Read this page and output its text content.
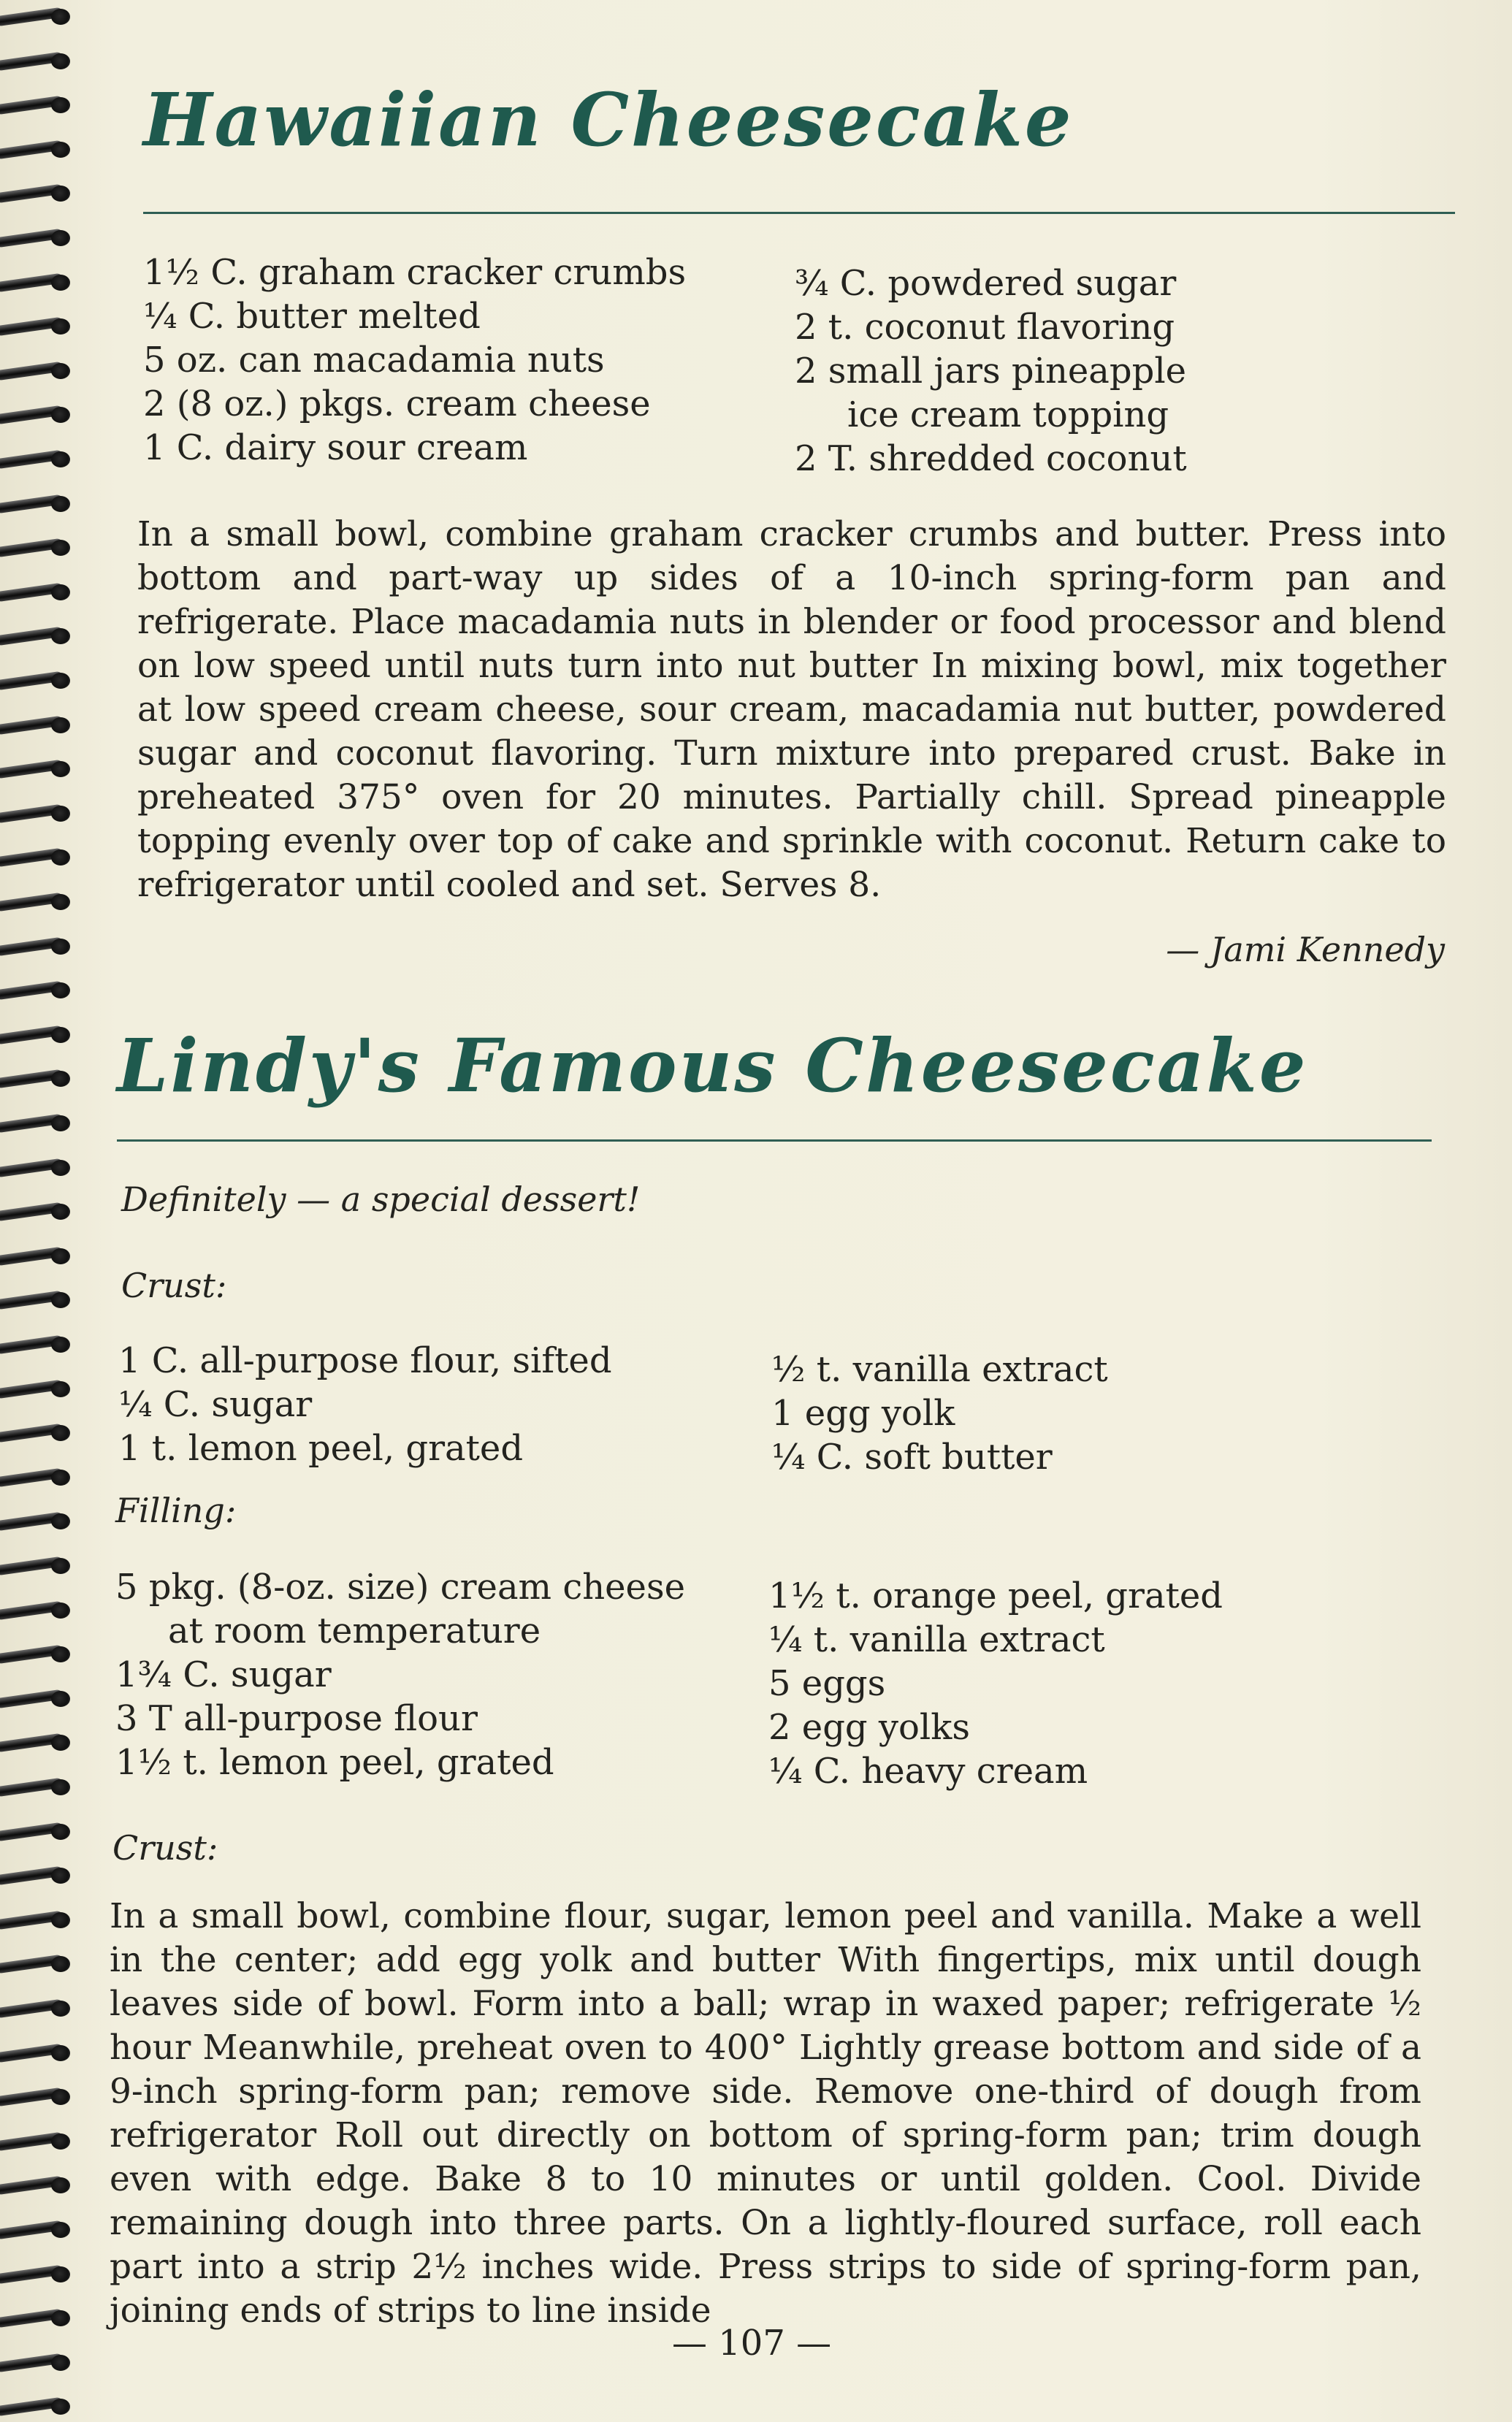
Hawaiian Cheesecake
1½ C. graham cracker crumbs
¼ C. butter melted
5 oz. can macadamia nuts
2 (8 oz.) pkgs. cream cheese
1 C. dairy sour cream
¾ C. powdered sugar
2 t. coconut flavoring
2 small jars pineapple
ice cream topping
2 T. shredded coconut

In a small bowl, combine graham cracker crumbs and butter. Press into bottom and part-way up sides of a 10-inch spring-form pan and refrigerate. Place macadamia nuts in blender or food processor and blend on low speed until nuts turn into nut butter In mixing bowl, mix together at low speed cream cheese, sour cream, macadamia nut butter, powdered sugar and coconut flavoring. Turn mixture into prepared crust. Bake in preheated 375° oven for 20 minutes. Partially chill. Spread pineapple topping evenly over top of cake and sprinkle with coconut. Return cake to refrigerator until cooled and set. Serves 8.

— Jami Kennedy
Lindy's Famous Cheesecake
Definitely — a special dessert!
Crust:
1 C. all-purpose flour, sifted
¼ C. sugar
1 t. lemon peel, grated
½ t. vanilla extract
1 egg yolk
¼ C. soft butter
Filling:
5 pkg. (8-oz. size) cream cheese
at room temperature
1¾ C. sugar
3 T all-purpose flour
1½ t. lemon peel, grated
1½ t. orange peel, grated
¼ t. vanilla extract
5 eggs
2 egg yolks
¼ C. heavy cream
Crust:

In a small bowl, combine flour, sugar, lemon peel and vanilla. Make a well in the center; add egg yolk and butter With fingertips, mix until dough leaves side of bowl. Form into a ball; wrap in waxed paper; refrigerate ½ hour Meanwhile, preheat oven to 400° Lightly grease bottom and side of a 9-inch spring-form pan; remove side. Remove one-third of dough from refrigerator Roll out directly on bottom of spring-form pan; trim dough even with edge. Bake 8 to 10 minutes or until golden. Cool. Divide remaining dough into three parts. On a lightly-floured surface, roll each part into a strip 2½ inches wide. Press strips to side of spring-form pan, joining ends of strips to line inside

— 107 —
